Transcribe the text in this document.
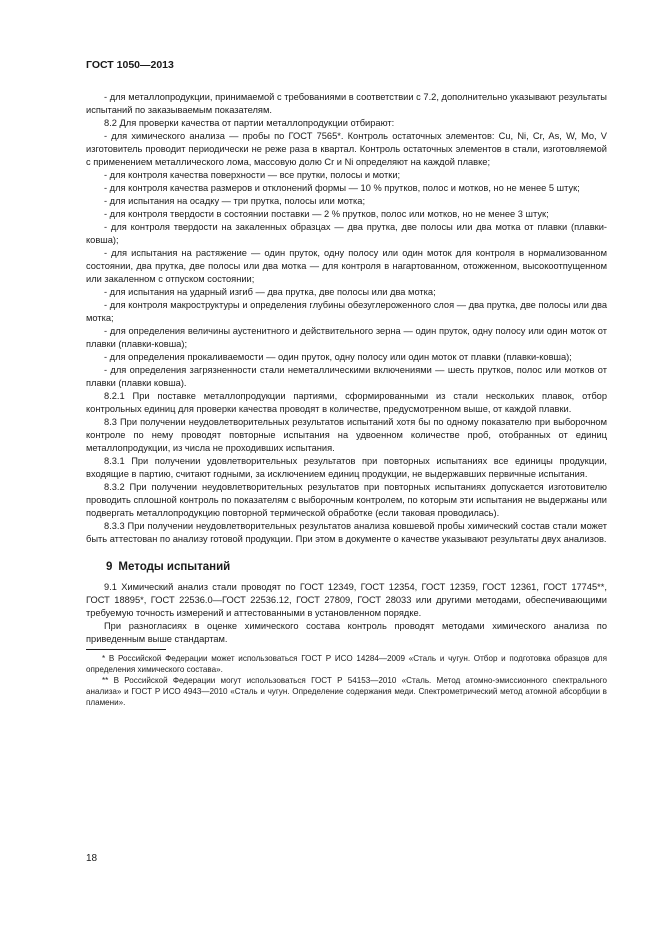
ГОСТ 1050—2013

- для металлопродукции, принимаемой с требованиями в соответствии с 7.2, дополнительно указывают результаты испытаний по заказываемым показателям.

8.2 Для проверки качества от партии металлопродукции отбирают:

- для химического анализа — пробы по ГОСТ 7565*. Контроль остаточных элементов: Cu, Ni, Cr, As, W, Mo, V изготовитель проводит периодически не реже раза в квартал. Контроль остаточных элементов в стали, изготовляемой с применением металлического лома, массовую долю Cr и Ni определяют на каждой плавке;

- для контроля качества поверхности — все прутки, полосы и мотки;

- для контроля качества размеров и отклонений формы — 10 % прутков, полос и мотков, но не менее 5 штук;

- для испытания на осадку — три прутка, полосы или мотка;

- для контроля твердости в состоянии поставки — 2 % прутков, полос или мотков, но не менее 3 штук;

- для контроля твердости на закаленных образцах — два прутка, две полосы или два мотка от плавки (плавки-ковша);

- для испытания на растяжение — один пруток, одну полосу или один моток для контроля в нормализованном состоянии, два прутка, две полосы или два мотка — для контроля в нагартованном, отожженном, высокоотпущенном или закаленном с отпуском состоянии;

- для испытания на ударный изгиб — два прутка, две полосы или два мотка;

- для контроля макроструктуры и определения глубины обезуглероженного слоя — два прутка, две полосы или два мотка;

- для определения величины аустенитного и действительного зерна — один пруток, одну полосу или один моток от плавки (плавки-ковша);

- для определения прокаливаемости — один пруток, одну полосу или один моток от плавки (плавки-ковша);

- для определения загрязненности стали неметаллическими включениями — шесть прутков, полос или мотков от плавки (плавки ковша).

8.2.1 При поставке металлопродукции партиями, сформированными из стали нескольких плавок, отбор контрольных единиц для проверки качества проводят в количестве, предусмотренном выше, от каждой плавки.

8.3 При получении неудовлетворительных результатов испытаний хотя бы по одному показателю при выборочном контроле по нему проводят повторные испытания на удвоенном количестве проб, отобранных от единиц металлопродукции, из числа не проходивших испытания.

8.3.1 При получении удовлетворительных результатов при повторных испытаниях все единицы продукции, входящие в партию, считают годными, за исключением единиц продукции, не выдержавших первичные испытания.

8.3.2 При получении неудовлетворительных результатов при повторных испытаниях допускается изготовителю проводить сплошной контроль по показателям с выборочным контролем, по которым эти испытания не выдержаны или подвергать металлопродукцию повторной термической обработке (если таковая проводилась).

8.3.3 При получении неудовлетворительных результатов анализа ковшевой пробы химический состав стали может быть аттестован по анализу готовой продукции. При этом в документе о качестве указывают результаты двух анализов.

9 Методы испытаний

9.1 Химический анализ стали проводят по ГОСТ 12349, ГОСТ 12354, ГОСТ 12359, ГОСТ 12361, ГОСТ 17745**, ГОСТ 18895*, ГОСТ 22536.0—ГОСТ 22536.12, ГОСТ 27809, ГОСТ 28033 или другими методами, обеспечивающими требуемую точность измерений и аттестованными в установленном порядке.

При разногласиях в оценке химического состава контроль проводят методами химического анализа по приведенным выше стандартам.

* В Российской Федерации может использоваться ГОСТ Р ИСО 14284—2009 «Сталь и чугун. Отбор и подготовка образцов для определения химического состава».

** В Российской Федерации могут использоваться ГОСТ Р 54153—2010 «Сталь. Метод атомно-эмиссионного спектрального анализа» и ГОСТ Р ИСО 4943—2010 «Сталь и чугун. Определение содержания меди. Спектрометрический метод атомной абсорбции в пламени».

18
